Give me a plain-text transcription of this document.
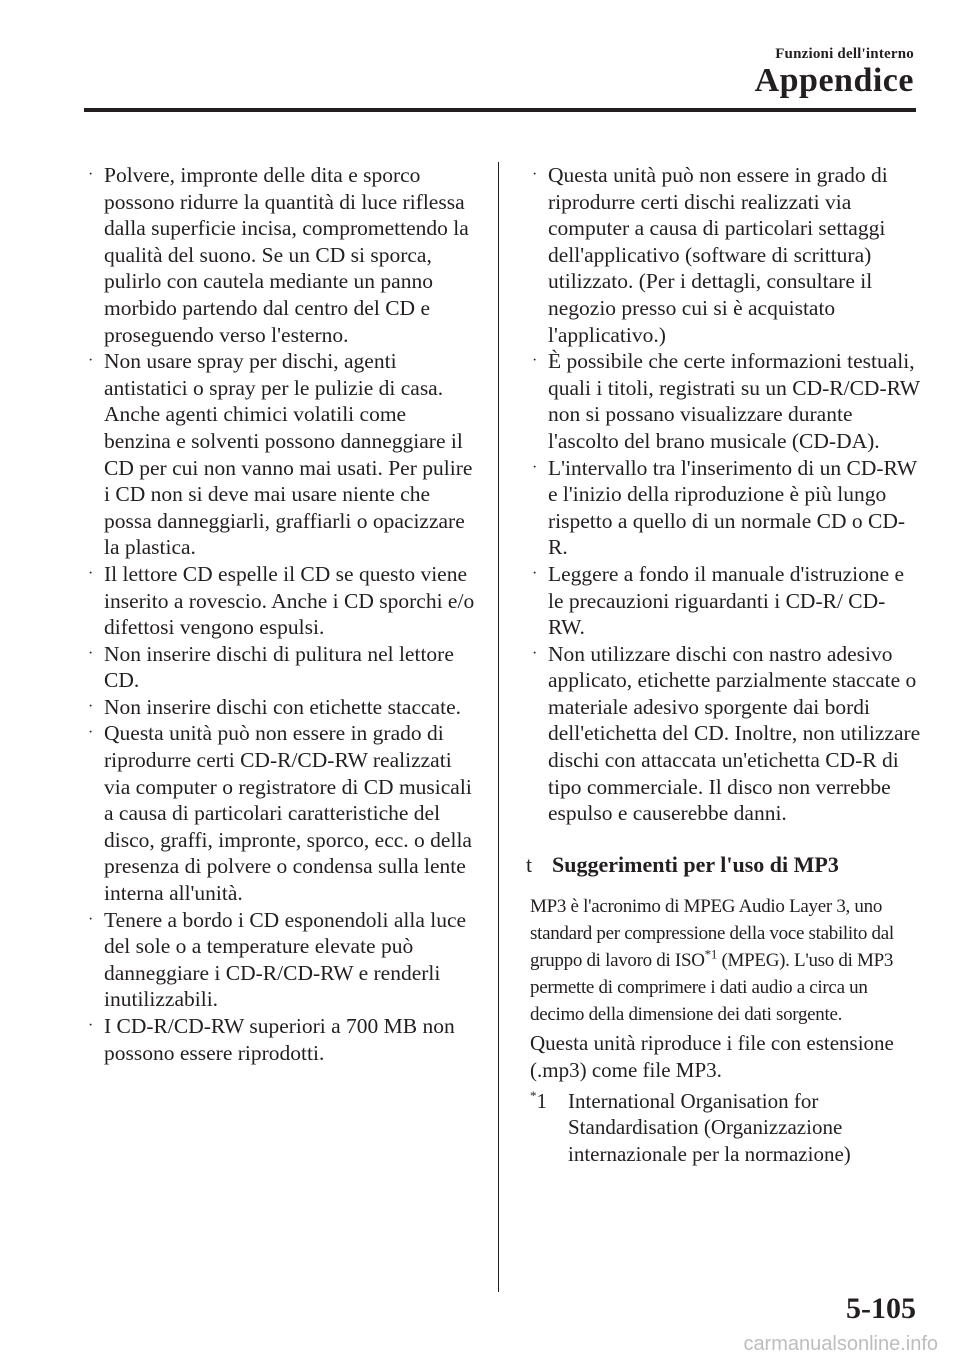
Funzioni dell'interno
Appendice
· Polvere, impronte delle dita e sporco possono ridurre la quantità di luce riflessa dalla superficie incisa, compromettendo la qualità del suono. Se un CD si sporca, pulirlo con cautela mediante un panno morbido partendo dal centro del CD e proseguendo verso l'esterno.
· Non usare spray per dischi, agenti antistatici o spray per le pulizie di casa. Anche agenti chimici volatili come benzina e solventi possono danneggiare il CD per cui non vanno mai usati. Per pulire i CD non si deve mai usare niente che possa danneggiarli, graffiarli o opacizzare la plastica.
· Il lettore CD espelle il CD se questo viene inserito a rovescio. Anche i CD sporchi e/o difettosi vengono espulsi.
· Non inserire dischi di pulitura nel lettore CD.
· Non inserire dischi con etichette staccate.
· Questa unità può non essere in grado di riprodurre certi CD-R/CD-RW realizzati via computer o registratore di CD musicali a causa di particolari caratteristiche del disco, graffi, impronte, sporco, ecc. o della presenza di polvere o condensa sulla lente interna all'unità.
· Tenere a bordo i CD esponendoli alla luce del sole o a temperature elevate può danneggiare i CD-R/CD-RW e renderli inutilizzabili.
· I CD-R/CD-RW superiori a 700 MB non possono essere riprodotti.
· Questa unità può non essere in grado di riprodurre certi dischi realizzati via computer a causa di particolari settaggi dell'applicativo (software di scrittura) utilizzato. (Per i dettagli, consultare il negozio presso cui si è acquistato l'applicativo.)
· È possibile che certe informazioni testuali, quali i titoli, registrati su un CD-R/CD-RW non si possano visualizzare durante l'ascolto del brano musicale (CD-DA).
· L'intervallo tra l'inserimento di un CD-RW e l'inizio della riproduzione è più lungo rispetto a quello di un normale CD o CD-R.
· Leggere a fondo il manuale d'istruzione e le precauzioni riguardanti i CD-R/ CD-RW.
· Non utilizzare dischi con nastro adesivo applicato, etichette parzialmente staccate o materiale adesivo sporgente dai bordi dell'etichetta del CD. Inoltre, non utilizzare dischi con attaccata un'etichetta CD-R di tipo commerciale. Il disco non verrebbe espulso e causerebbe danni.
t Suggerimenti per l'uso di MP3
MP3 è l'acronimo di MPEG Audio Layer 3, uno standard per compressione della voce stabilito dal gruppo di lavoro di ISO$^{*1}$ (MPEG). L'uso di MP3 permette di comprimere i dati audio a circa un decimo della dimensione dei dati sorgente.
Questa unità riproduce i file con estensione (.mp3) come file MP3.
*1 International Organisation for Standardisation (Organizzazione internazionale per la normazione)
5-105
carmanualsonline.info
